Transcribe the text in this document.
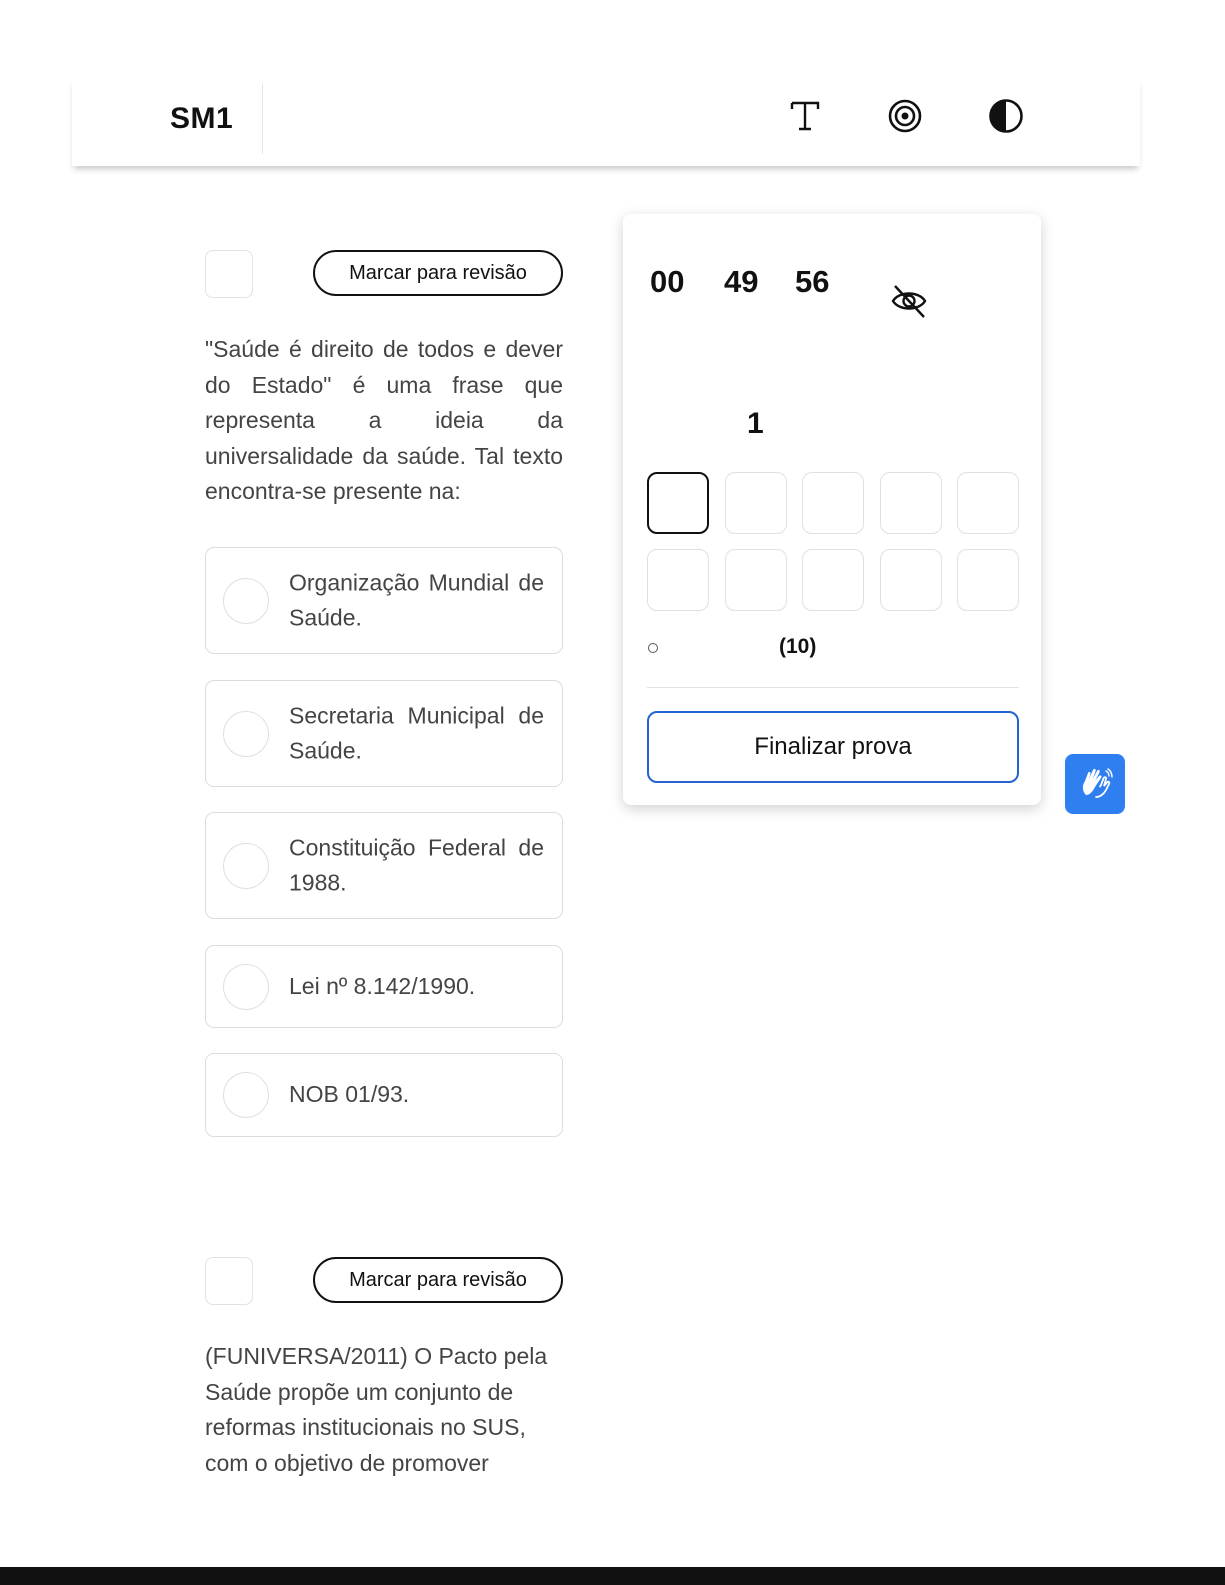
SM1
Marcar para revisão

"Saúde é direito de todos e dever do Estado" é uma frase que representa a ideia da universalidade da saúde. Tal texto encontra-se presente na:

Organização Mundial de Saúde.
Secretaria Municipal de Saúde.
Constituição Federal de 1988.
Lei nº 8.142/1990.
NOB 01/93.
Marcar para revisão

(FUNIVERSA/2011) O Pacto pela Saúde propõe um conjunto de reformas institucionais no SUS, com o objetivo de promover

00 49 56
1
(10)
Finalizar prova
